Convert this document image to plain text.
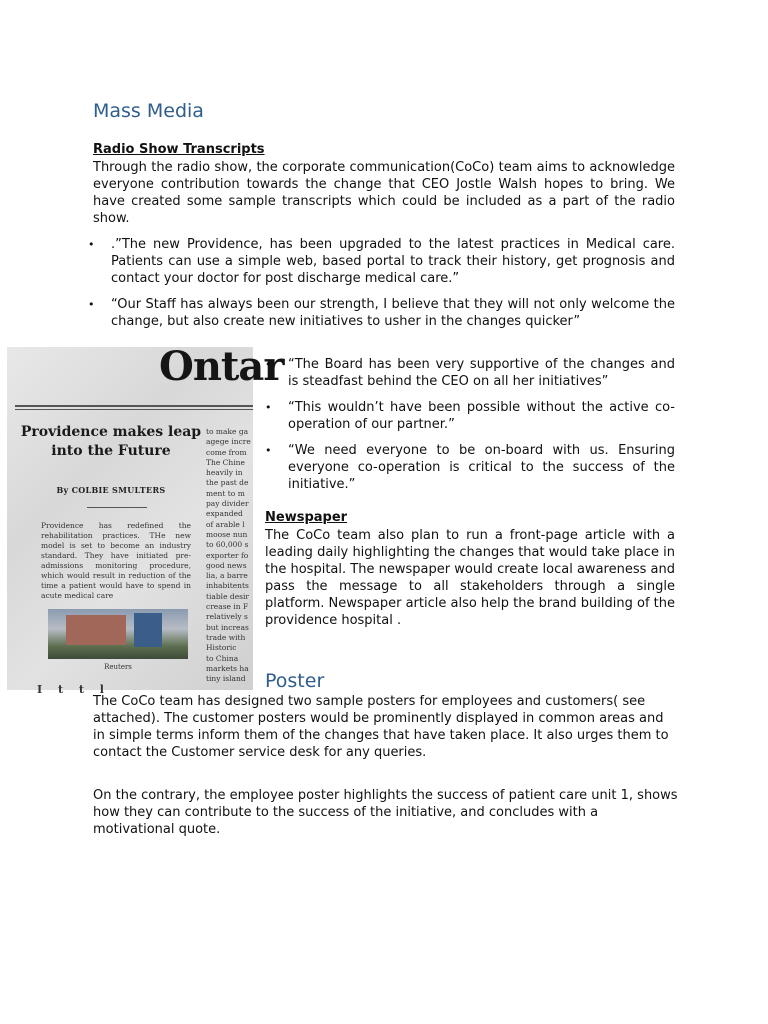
Mass Media
Radio Show Transcripts

Through the radio show, the corporate communication(CoCo) team aims to acknowledge everyone contribution towards the change that CEO Jostle Walsh hopes to bring. We have created some sample transcripts which could be included as a part of the radio show.

• .”The new Providence, has been upgraded to the latest practices in Medical care. Patients can use a simple web, based portal to track their history, get prognosis and contact your doctor for post discharge medical care.”
• “Our Staff has always been our strength, I believe that they will not only welcome the change, but also create new initiatives to usher in the changes quicker”
Ontar
Providence makes leap into the Future
By COLBIE SMULTERS
Providence has redefined the rehabilitation practices. THe new model is set to become an industry standard. They have initiated pre-admissions monitoring procedure, which would result in reduction of the time a patient would have to spend in acute medical care
Reuters
to make ga
agege incre
come from
The Chine
heavily in
the past de
ment to m
pay divider
expanded
of arable l
moose nun
to 60,000 s
exporter fo
good news
lia, a barre
inhabitents
tiable desir
crease in F
relatively s
but increas
trade with
Historic
to China
markets ha
tiny island
I t t l
• “The Board has been very supportive of the changes and is steadfast behind the CEO on all her initiatives”
• “This wouldn’t have been possible without the active co-operation of our partner.”
• “We need everyone to be on-board with us. Ensuring everyone co-operation is critical to the success of the initiative.”
Newspaper

The CoCo team also plan to run a front-page article with a leading daily highlighting the changes that would take place in the hospital. The newspaper would create local awareness and pass the message to all stakeholders through a single platform. Newspaper article also help the brand building of the providence hospital .

Poster

The CoCo team has designed two sample posters for employees and customers( see attached). The customer posters would be prominently displayed in common areas and in simple terms inform them of the changes that have taken place. It also urges them to contact the Customer service desk for any queries.

On the contrary, the employee poster highlights the success of patient care unit 1, shows how they can contribute to the success of the initiative, and concludes with a motivational quote.
